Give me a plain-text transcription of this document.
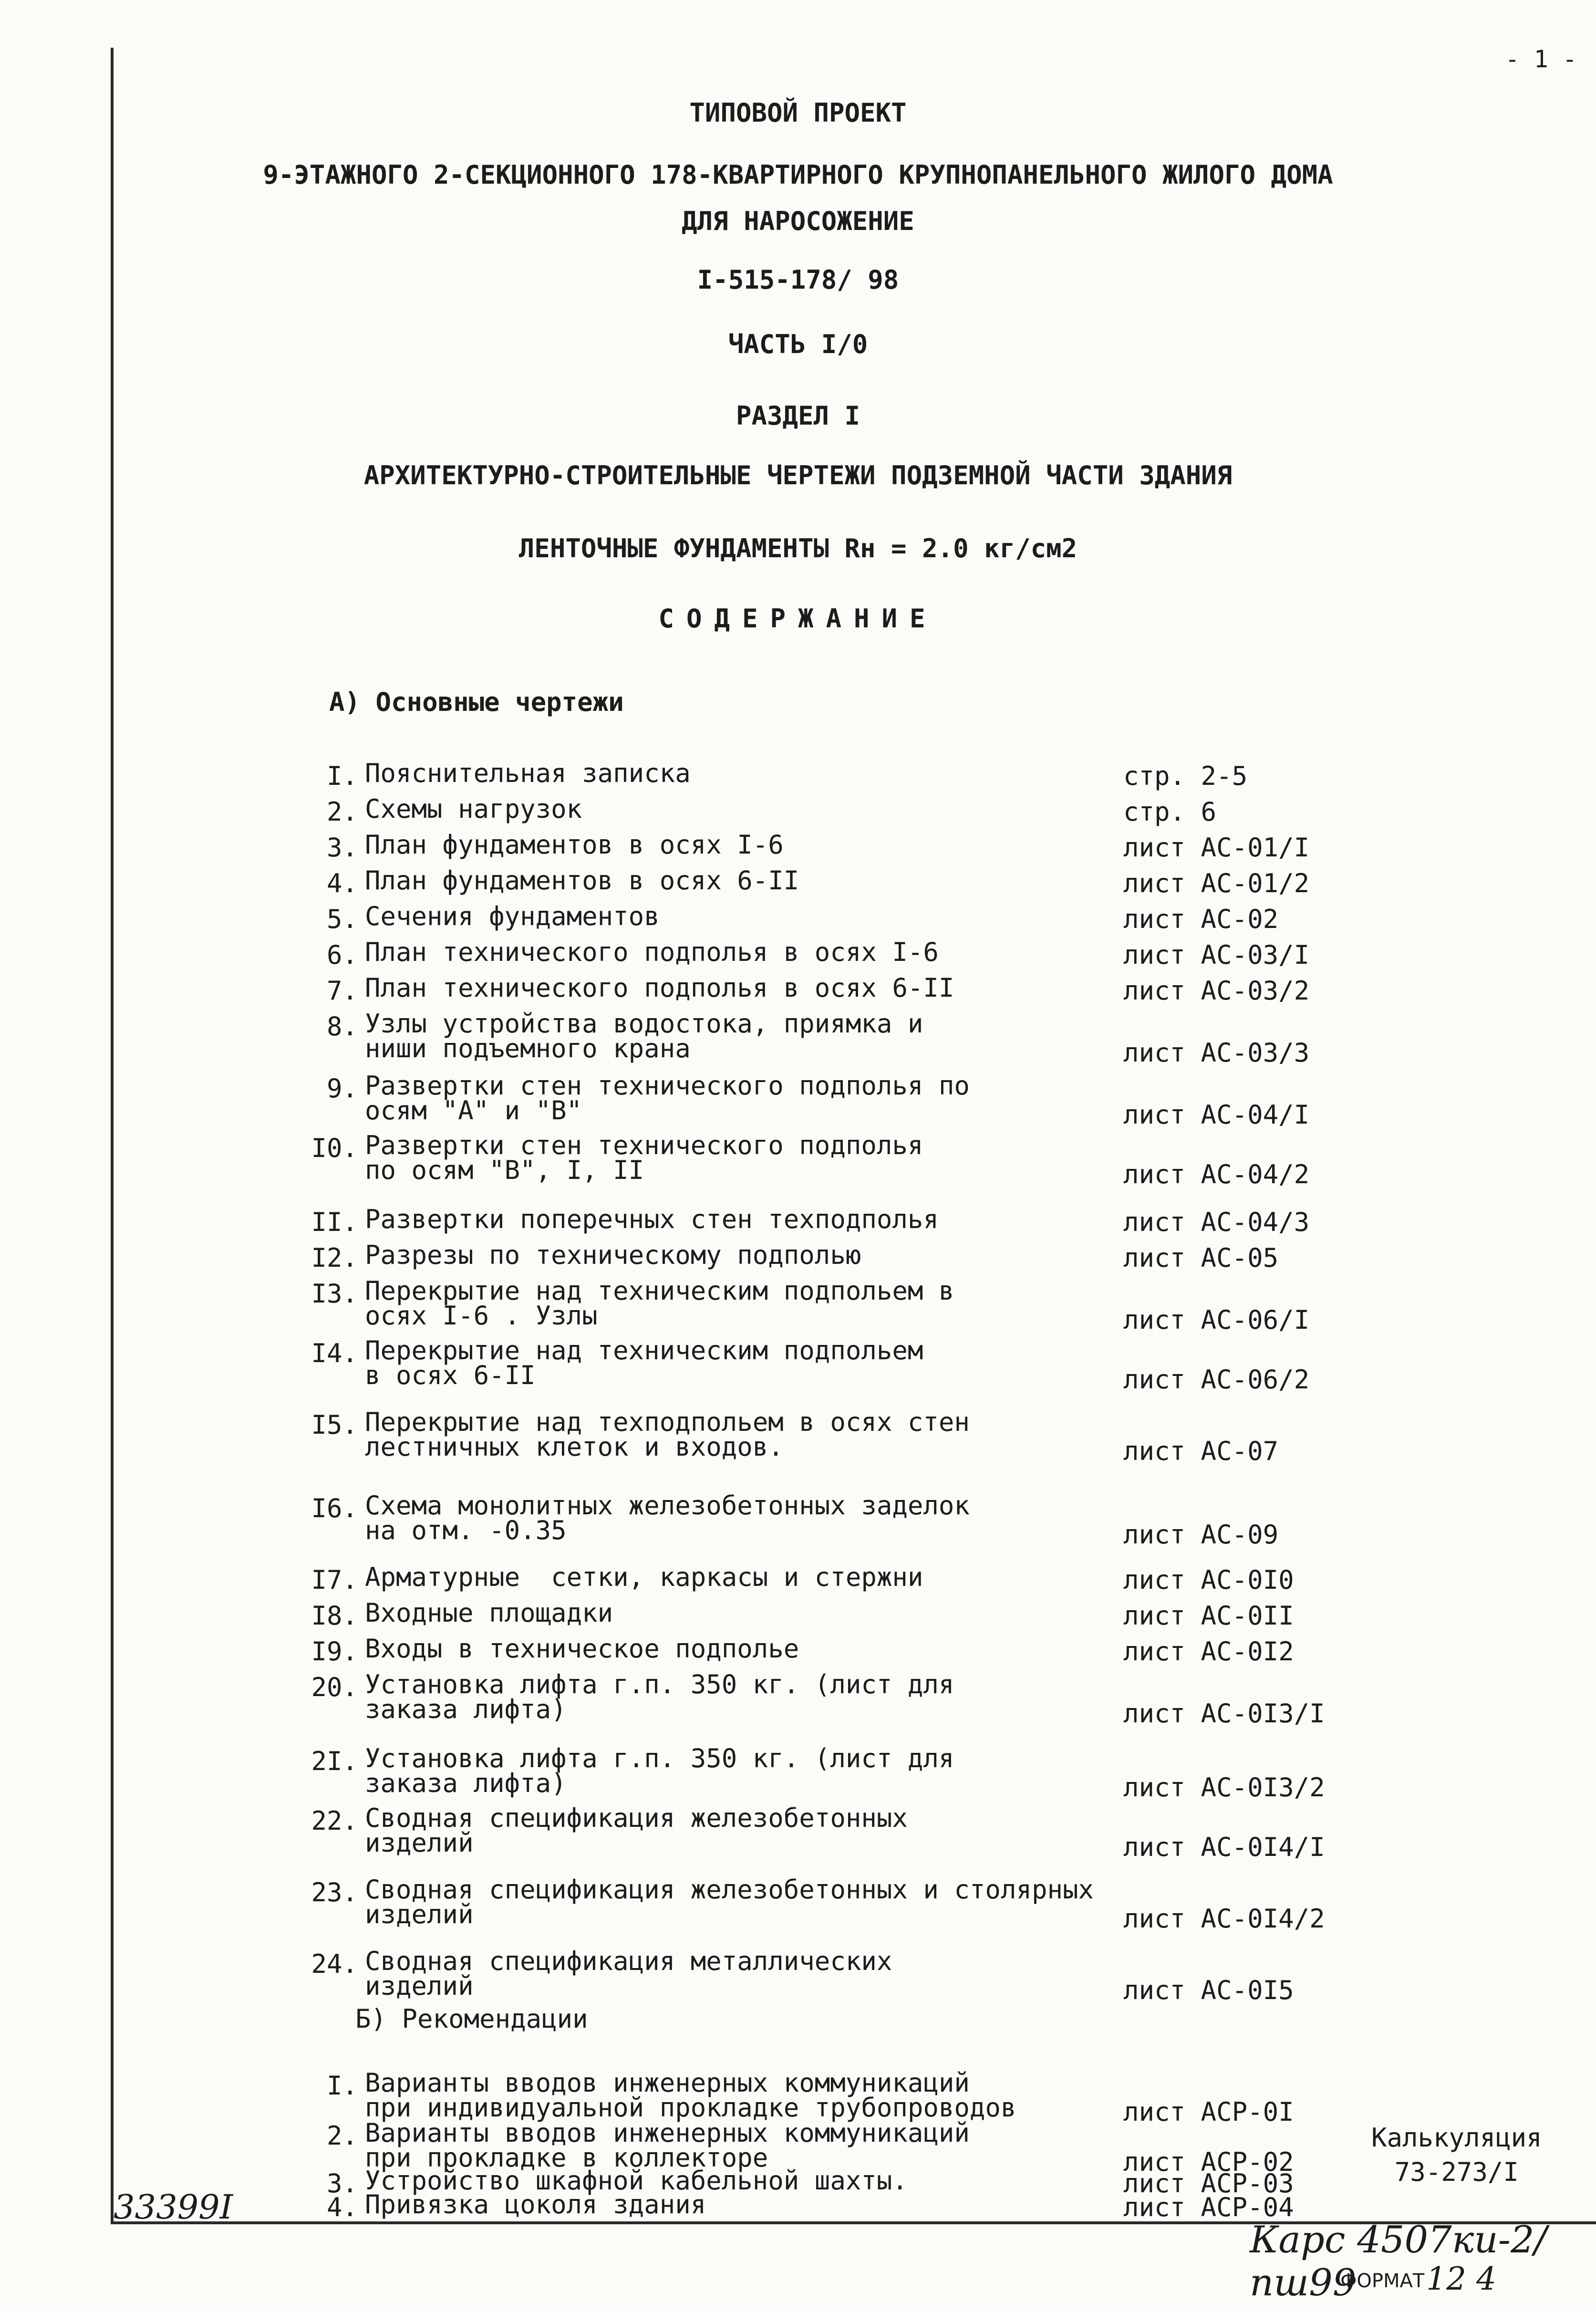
- 1 -
ТИПОВОЙ ПРОЕКТ
9-ЭТАЖНОГО 2-СЕКЦИОННОГО 178-КВАРТИРНОГО КРУПНОПАНЕЛЬНОГО ЖИЛОГО ДОМА
ДЛЯ НАРОСОЖЕНИЕ
I-515-178/ 98
ЧАСТЬ I/0
РАЗДЕЛ I
АРХИТЕКТУРНО-СТРОИТЕЛЬНЫЕ ЧЕРТЕЖИ ПОДЗЕМНОЙ ЧАСТИ ЗДАНИЯ
ЛЕНТОЧНЫЕ ФУНДАМЕНТЫ Rн = 2.0 кг/см2
СОДЕРЖАНИЕ
А) Основные чертежи
I. Пояснительная записка	стр. 2-5
2. Схемы нагрузок	стр. 6
3. План фундаментов в осях I-6	лист АС-01/I
4. План фундаментов в осях 6-II	лист АС-01/2
5. Сечения фундаментов	лист АС-02
6. План технического подполья в осях I-6	лист АС-03/I
7. План технического подполья в осях 6-II	лист АС-03/2
8. Узлы устройства водостока, приямка и
ниши подъемного крана	лист АС-03/3
9. Развертки стен технического подполья по
осям "А" и "В"	лист АС-04/I
I0. Развертки стен технического подполья
по осям "В", I, II	лист АС-04/2
II. Развертки поперечных стен техподполья	лист АС-04/3
I2. Разрезы по техническому подполью	лист АС-05
I3. Перекрытие над техническим подпольем в
осях I-6 . Узлы	лист АС-06/I
I4. Перекрытие над техническим подпольем
в осях 6-II	лист АС-06/2
I5. Перекрытие над техподпольем в осях стен
лестничных клеток и входов.	лист АС-07
I6. Схема монолитных железобетонных заделок
на отм. -0.35	лист АС-09
I7. Арматурные  сетки, каркасы и стержни	лист АС-0I0
I8. Входные площадки	лист АС-0II
I9. Входы в техническое подполье	лист АС-0I2
20. Установка лифта г.п. 350 кг. (лист для
заказа лифта)	лист АС-0I3/I
2I. Установка лифта г.п. 350 кг. (лист для
заказа лифта)	лист АС-0I3/2
22. Сводная спецификация железобетонных
изделий	лист АС-0I4/I
23. Сводная спецификация железобетонных и столярных
изделий	лист АС-0I4/2
24. Сводная спецификация металлических
изделий	лист АС-0I5
Б) Рекомендации
I. Варианты вводов инженерных коммуникаций
при индивидуальной прокладке трубопроводов	лист АСР-0I
2. Варианты вводов инженерных коммуникаций
при прокладке в коллекторе	лист АСР-02
3. Устройство шкафной кабельной шахты.	лист АСР-03
4. Привязка цоколя здания	лист АСР-04
Калькуляция
73-273/I
33399I
Карс 4507ки-2/пш99
ФОРМАТ 12 4
